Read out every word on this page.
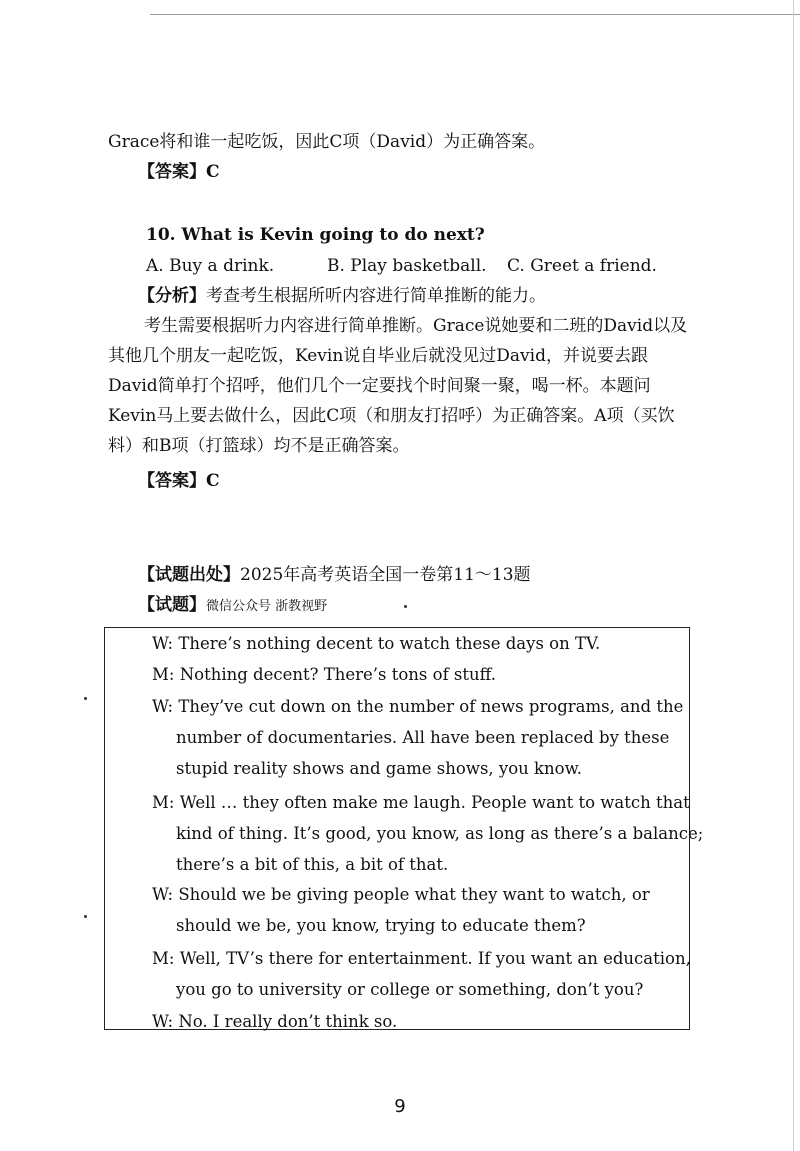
Grace将和谁一起吃饭，因此C项（David）为正确答案。
【答案】C
10. What is Kevin going to do next?
A. Buy a drink.	B. Play basketball. C. Greet a friend.
【分析】考查考生根据所听内容进行简单推断的能力。
考生需要根据听力内容进行简单推断。Grace说她要和二班的David以及其他几个朋友一起吃饭，Kevin说自毕业后就没见过David，并说要去跟David简单打个招呼，他们几个一定要找个时间聚一聚，喝一杯。本题问Kevin马上要去做什么，因此C项（和朋友打招呼）为正确答案。A项（买饮料）和B项（打篮球）均不是正确答案。
【答案】C
【试题出处】2025年高考英语全国一卷第11～13题
【试题】微信公众号 浙教视野
W: There’s nothing decent to watch these days on TV.
M: Nothing decent? There’s tons of stuff.
W: They’ve cut down on the number of news programs, and the number of documentaries. All have been replaced by these stupid reality shows and game shows, you know.
M: Well … they often make me laugh. People want to watch that kind of thing. It’s good, you know, as long as there’s a balance; there’s a bit of this, a bit of that.
W: Should we be giving people what they want to watch, or should we be, you know, trying to educate them?
M: Well, TV’s there for entertainment. If you want an education, you go to university or college or something, don’t you?
W: No. I really don’t think so.
9
